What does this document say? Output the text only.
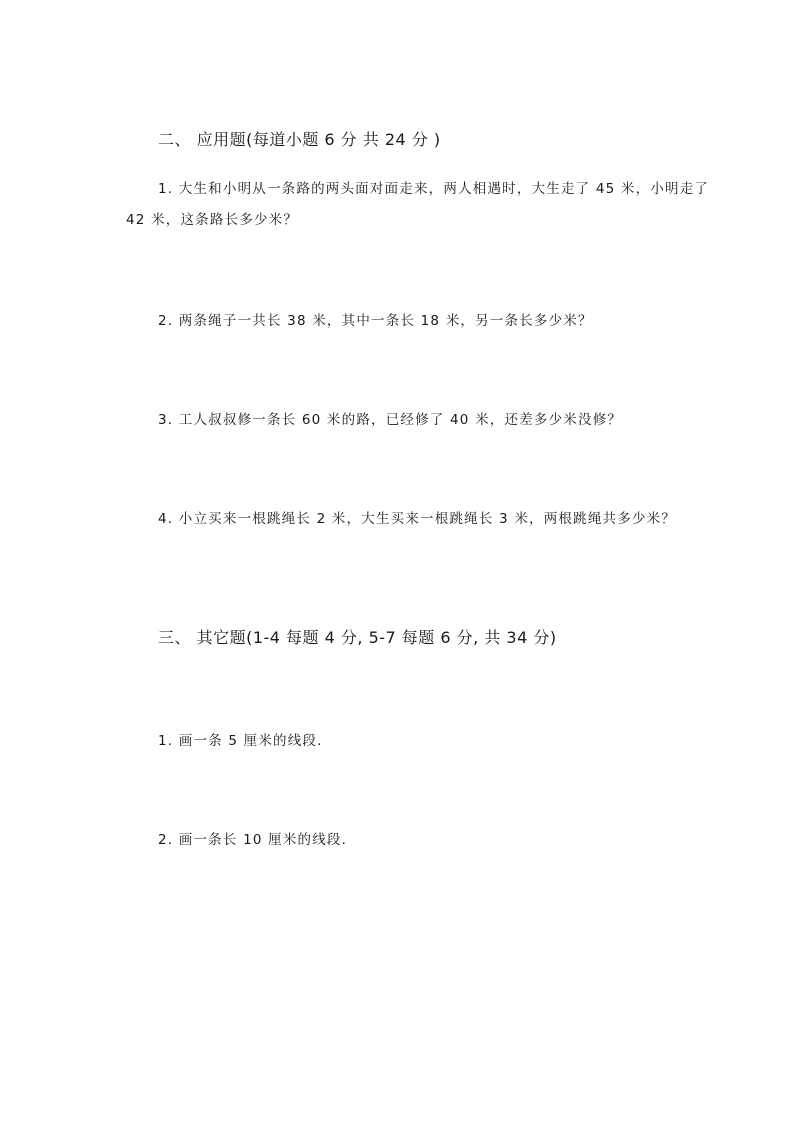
二、 应用题(每道小题 6 分 共 24 分 )
1. 大生和小明从一条路的两头面对面走来，两人相遇时，大生走了 45 米，小明走了 42 米，这条路长多少米？
2. 两条绳子一共长 38 米，其中一条长 18 米，另一条长多少米？
3. 工人叔叔修一条长 60 米的路，已经修了 40 米，还差多少米没修？
4. 小立买来一根跳绳长 2 米，大生买来一根跳绳长 3 米，两根跳绳共多少米？
三、 其它题(1-4 每题 4 分, 5-7 每题 6 分, 共 34 分)
1. 画一条 5 厘米的线段.
2. 画一条长 10 厘米的线段.
